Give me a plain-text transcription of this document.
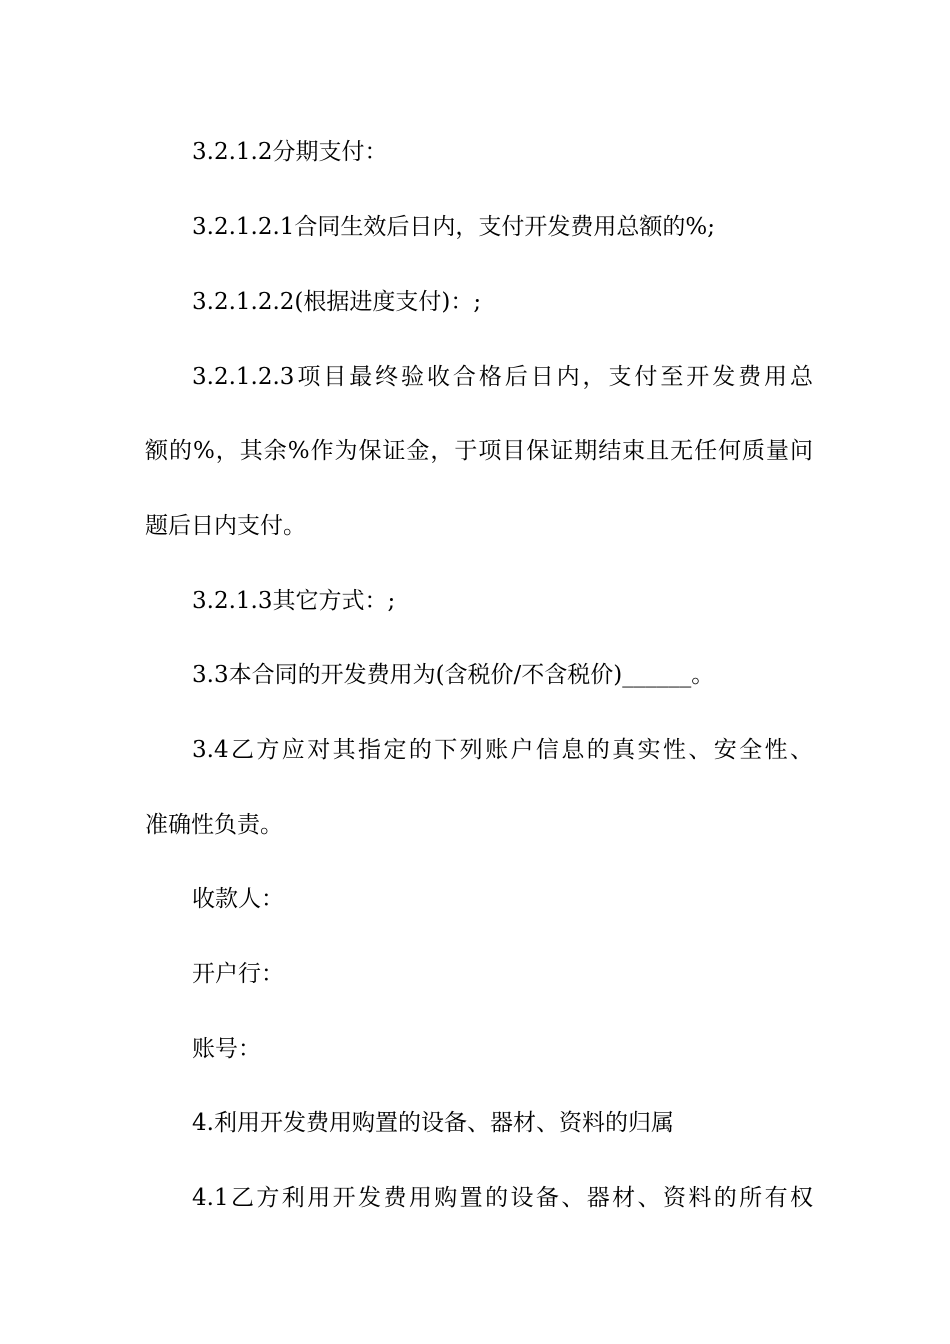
3.2.1.2分期支付：
3.2.1.2.1合同生效后日内，支付开发费用总额的%;
3.2.1.2.2(根据进度支付)：;
3.2.1.2.3项目最终验收合格后日内，支付至开发费用总
额的%，其余%作为保证金，于项目保证期结束且无任何质量问
题后日内支付。
3.2.1.3其它方式：;
3.3本合同的开发费用为(含税价/不含税价)______。
3.4乙方应对其指定的下列账户信息的真实性、安全性、
准确性负责。
收款人：
开户行：
账号：
4.利用开发费用购置的设备、器材、资料的归属
4.1乙方利用开发费用购置的设备、器材、资料的所有权
